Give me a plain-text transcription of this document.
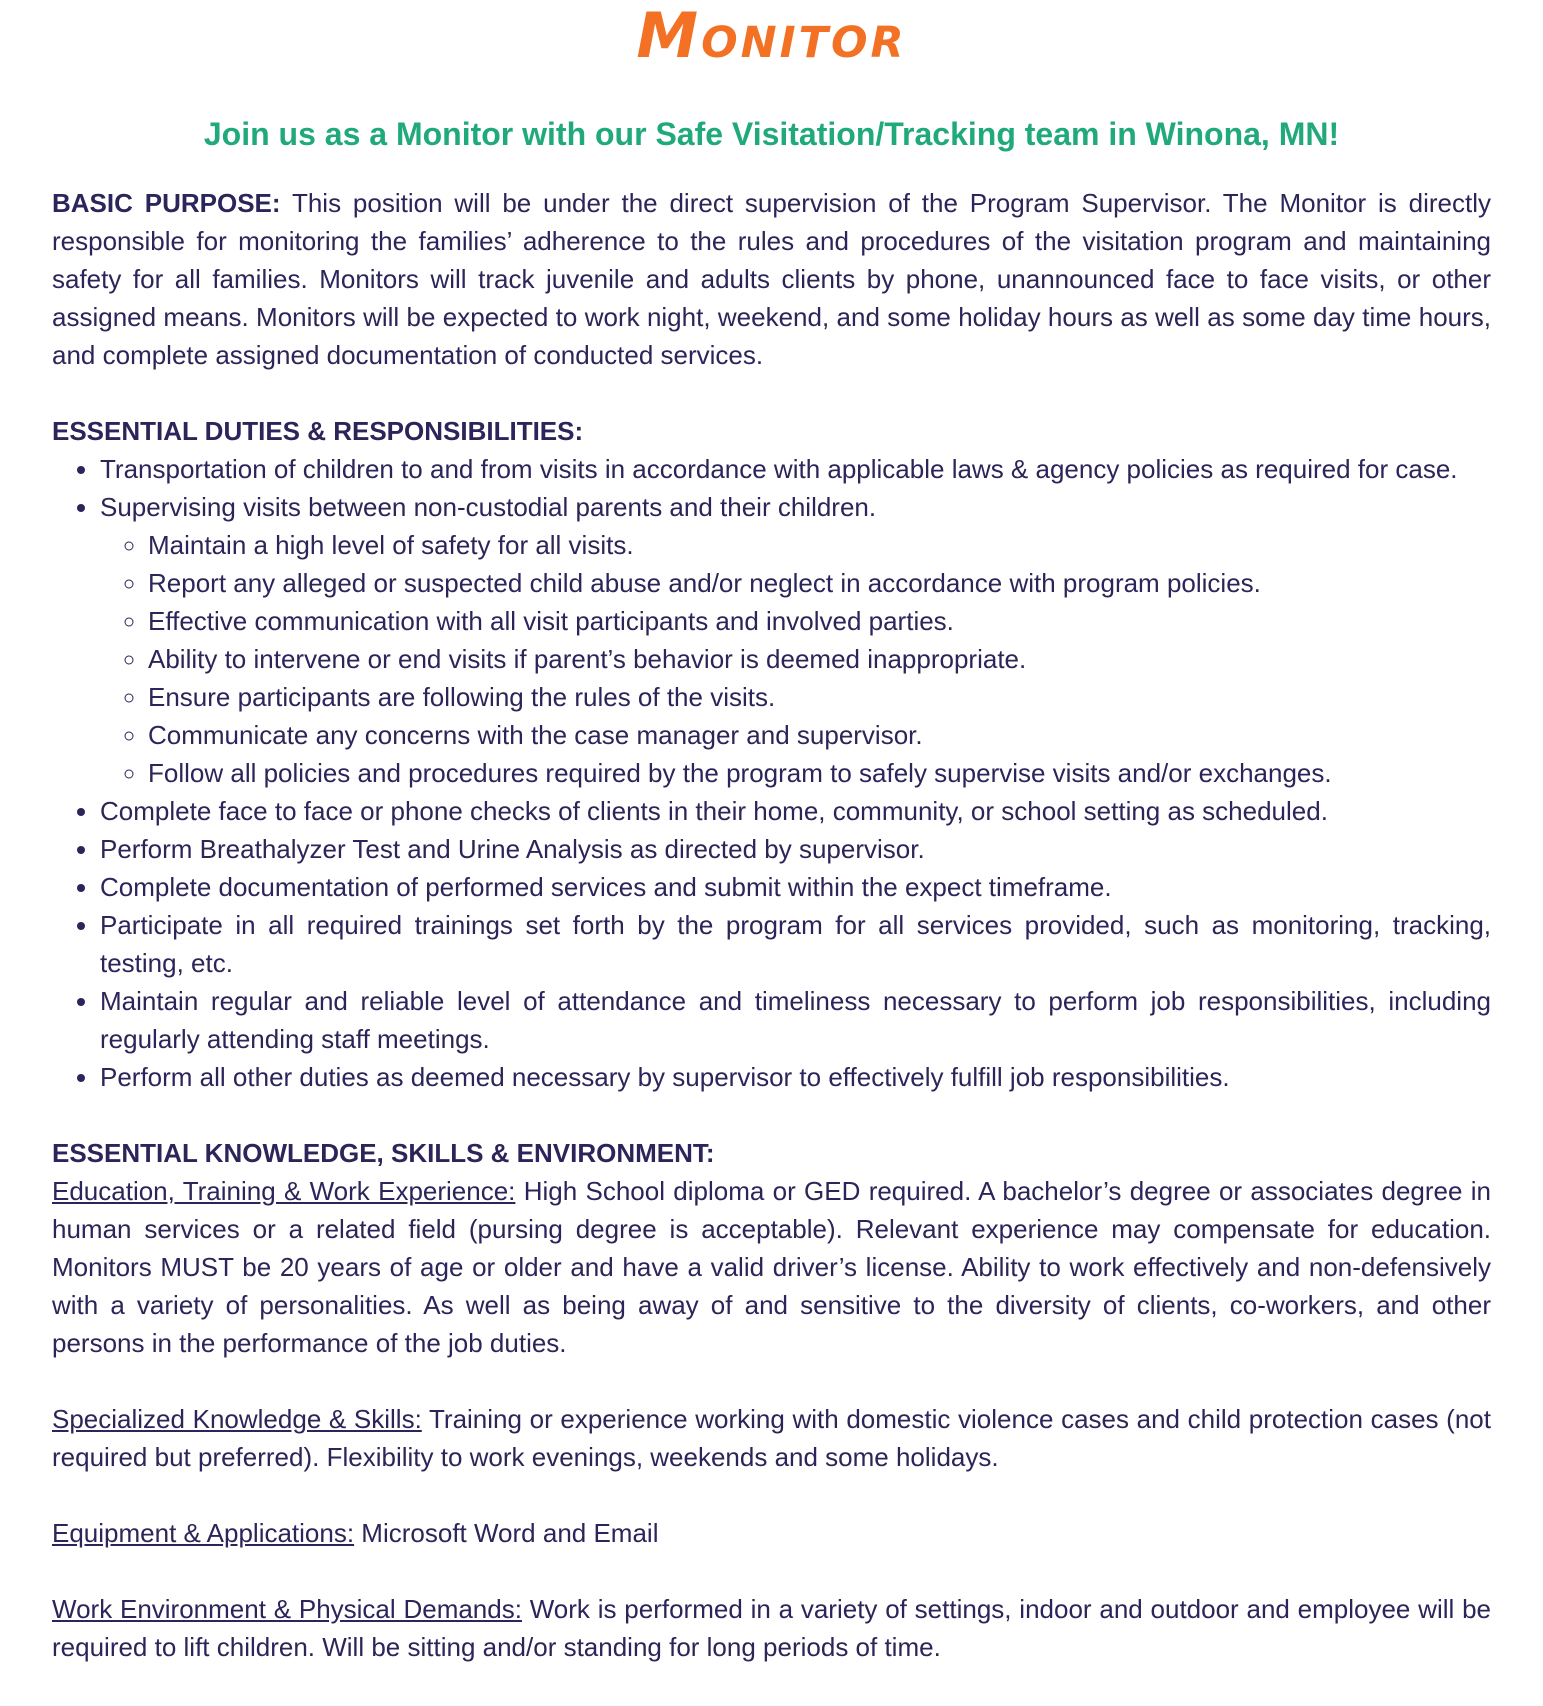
Monitor
Join us as a Monitor with our Safe Visitation/Tracking team in Winona, MN!

BASIC PURPOSE: This position will be under the direct supervision of the Program Supervisor. The Monitor is directly responsible for monitoring the families’ adherence to the rules and procedures of the visitation program and maintaining safety for all families. Monitors will track juvenile and adults clients by phone, unannounced face to face visits, or other assigned means. Monitors will be expected to work night, weekend, and some holiday hours as well as some day time hours, and complete assigned documentation of conducted services.

ESSENTIAL DUTIES & RESPONSIBILITIES:
• Transportation of children to and from visits in accordance with applicable laws & agency policies as required for case.
• Supervising visits between non-custodial parents and their children.
◦ Maintain a high level of safety for all visits.
◦ Report any alleged or suspected child abuse and/or neglect in accordance with program policies.
◦ Effective communication with all visit participants and involved parties.
◦ Ability to intervene or end visits if parent’s behavior is deemed inappropriate.
◦ Ensure participants are following the rules of the visits.
◦ Communicate any concerns with the case manager and supervisor.
◦ Follow all policies and procedures required by the program to safely supervise visits and/or exchanges.
• Complete face to face or phone checks of clients in their home, community, or school setting as scheduled.
• Perform Breathalyzer Test and Urine Analysis as directed by supervisor.
• Complete documentation of performed services and submit within the expect timeframe.
• Participate in all required trainings set forth by the program for all services provided, such as monitoring, tracking, testing, etc.
• Maintain regular and reliable level of attendance and timeliness necessary to perform job responsibilities, including regularly attending staff meetings.
• Perform all other duties as deemed necessary by supervisor to effectively fulfill job responsibilities.
ESSENTIAL KNOWLEDGE, SKILLS & ENVIRONMENT:

Education, Training & Work Experience: High School diploma or GED required. A bachelor’s degree or associates degree in human services or a related field (pursing degree is acceptable). Relevant experience may compensate for education. Monitors MUST be 20 years of age or older and have a valid driver’s license. Ability to work effectively and non-defensively with a variety of personalities. As well as being away of and sensitive to the diversity of clients, co-workers, and other persons in the performance of the job duties.

Specialized Knowledge & Skills: Training or experience working with domestic violence cases and child protection cases (not required but preferred). Flexibility to work evenings, weekends and some holidays.

Equipment & Applications: Microsoft Word and Email

Work Environment & Physical Demands: Work is performed in a variety of settings, indoor and outdoor and employee will be required to lift children. Will be sitting and/or standing for long periods of time.
